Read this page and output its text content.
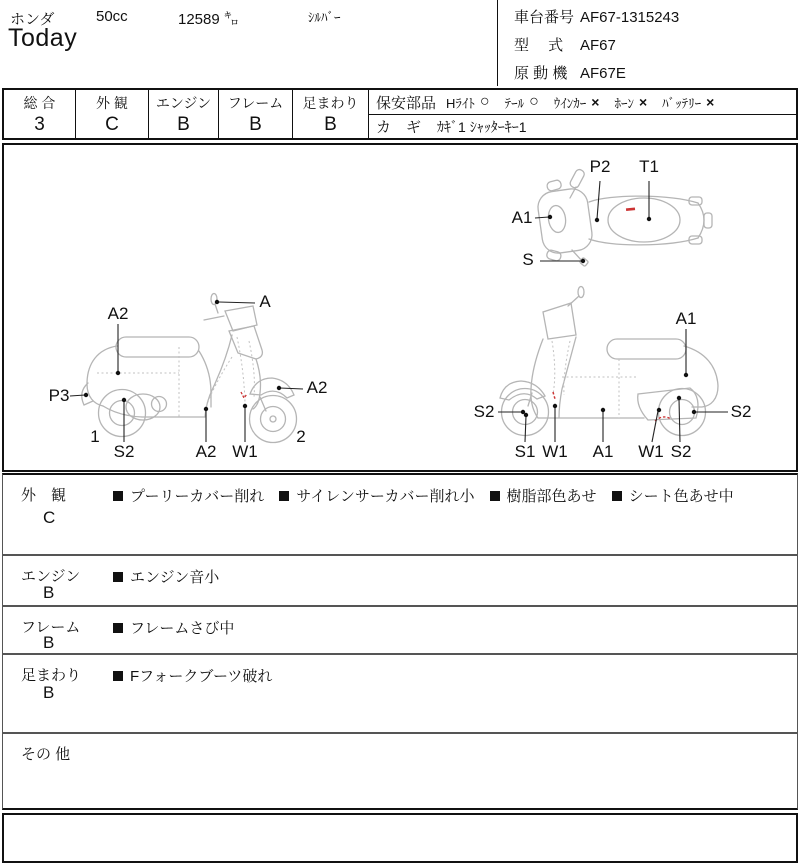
ホンダ	50cc	12589 ㌔	ｼﾙﾊﾞｰ
Today
車台番号 AF67-1315243
型　 式 AF67
原 動 機 AF67E
総 合
3
外 観
C
エンジン
B
フレーム
B
足まわり
B
保安部品 Hﾗｲﾄ ○ ﾃｰﾙ ○ ｳｲﾝｶｰ × ﾎｰﾝ × ﾊﾞｯﾃﾘｰ ×
カ　ギ ｶｷﾞ1 ｼｬｯﾀｰｷｰ1
P2 T1
A1
S
A
A2
P3
1
S2	A2 W1
A2
2
A1
S2
S1 W1 A1 W1 S2
S2
外　観
C
プーリーカバー削れ サイレンサーカバー削れ小 樹脂部色あせ シート色あせ中
エンジン
B
エンジン音小
フレーム
B
フレームさび中
足まわり
B
Fフォークブーツ破れ
その 他
